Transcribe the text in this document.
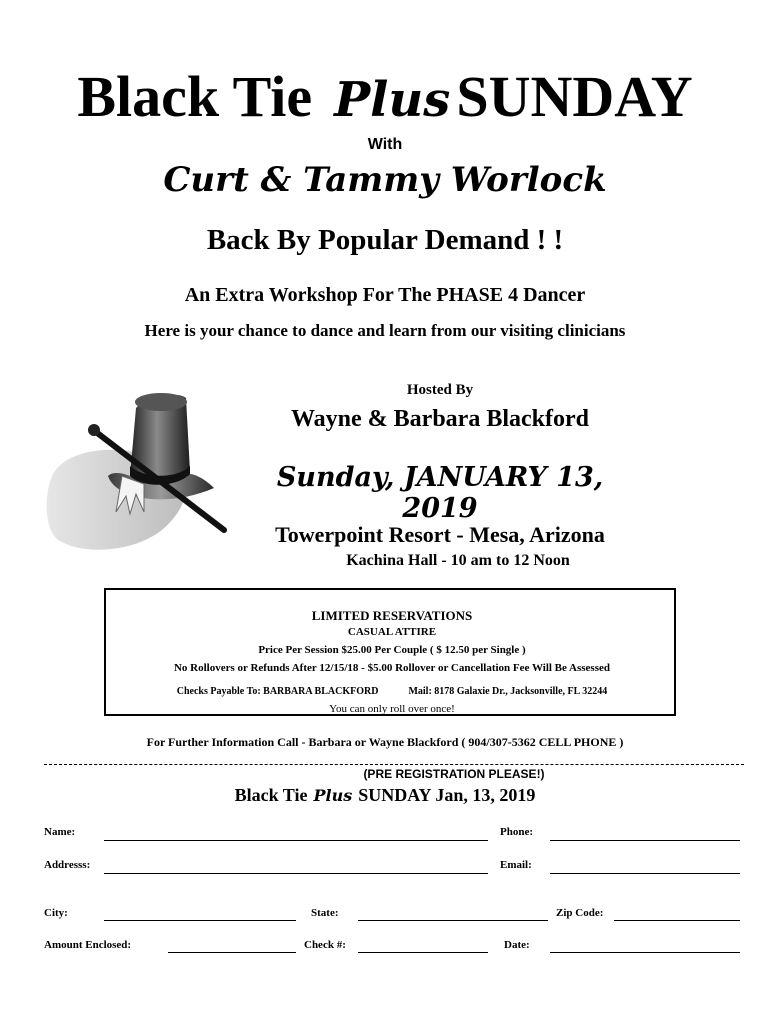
Black Tie Plus SUNDAY
With
Curt & Tammy Worlock
Back By Popular Demand ! !
An Extra Workshop For The PHASE 4 Dancer
Here is your chance to dance and learn from our visiting clinicians
Hosted By
Wayne & Barbara Blackford
Sunday, JANUARY 13, 2019
Towerpoint Resort - Mesa, Arizona
Kachina Hall - 10 am to 12 Noon
LIMITED RESERVATIONS
CASUAL ATTIRE
Price Per Session $25.00 Per Couple ( $ 12.50 per Single )
No Rollovers or Refunds After 12/15/18 - $5.00 Rollover or Cancellation Fee Will Be Assessed
Checks Payable To: BARBARA BLACKFORD	Mail: 8178 Galaxie Dr., Jacksonville, FL 32244
You can only roll over once!
For Further Information Call - Barbara or Wayne Blackford ( 904/307-5362 CELL PHONE )
(PRE REGISTRATION PLEASE!)
Black Tie Plus SUNDAY Jan, 13, 2019
Name:	Phone:
Addresss:	Email:
City:	State:	Zip Code:
Amount Enclosed:	Check #:	Date:
